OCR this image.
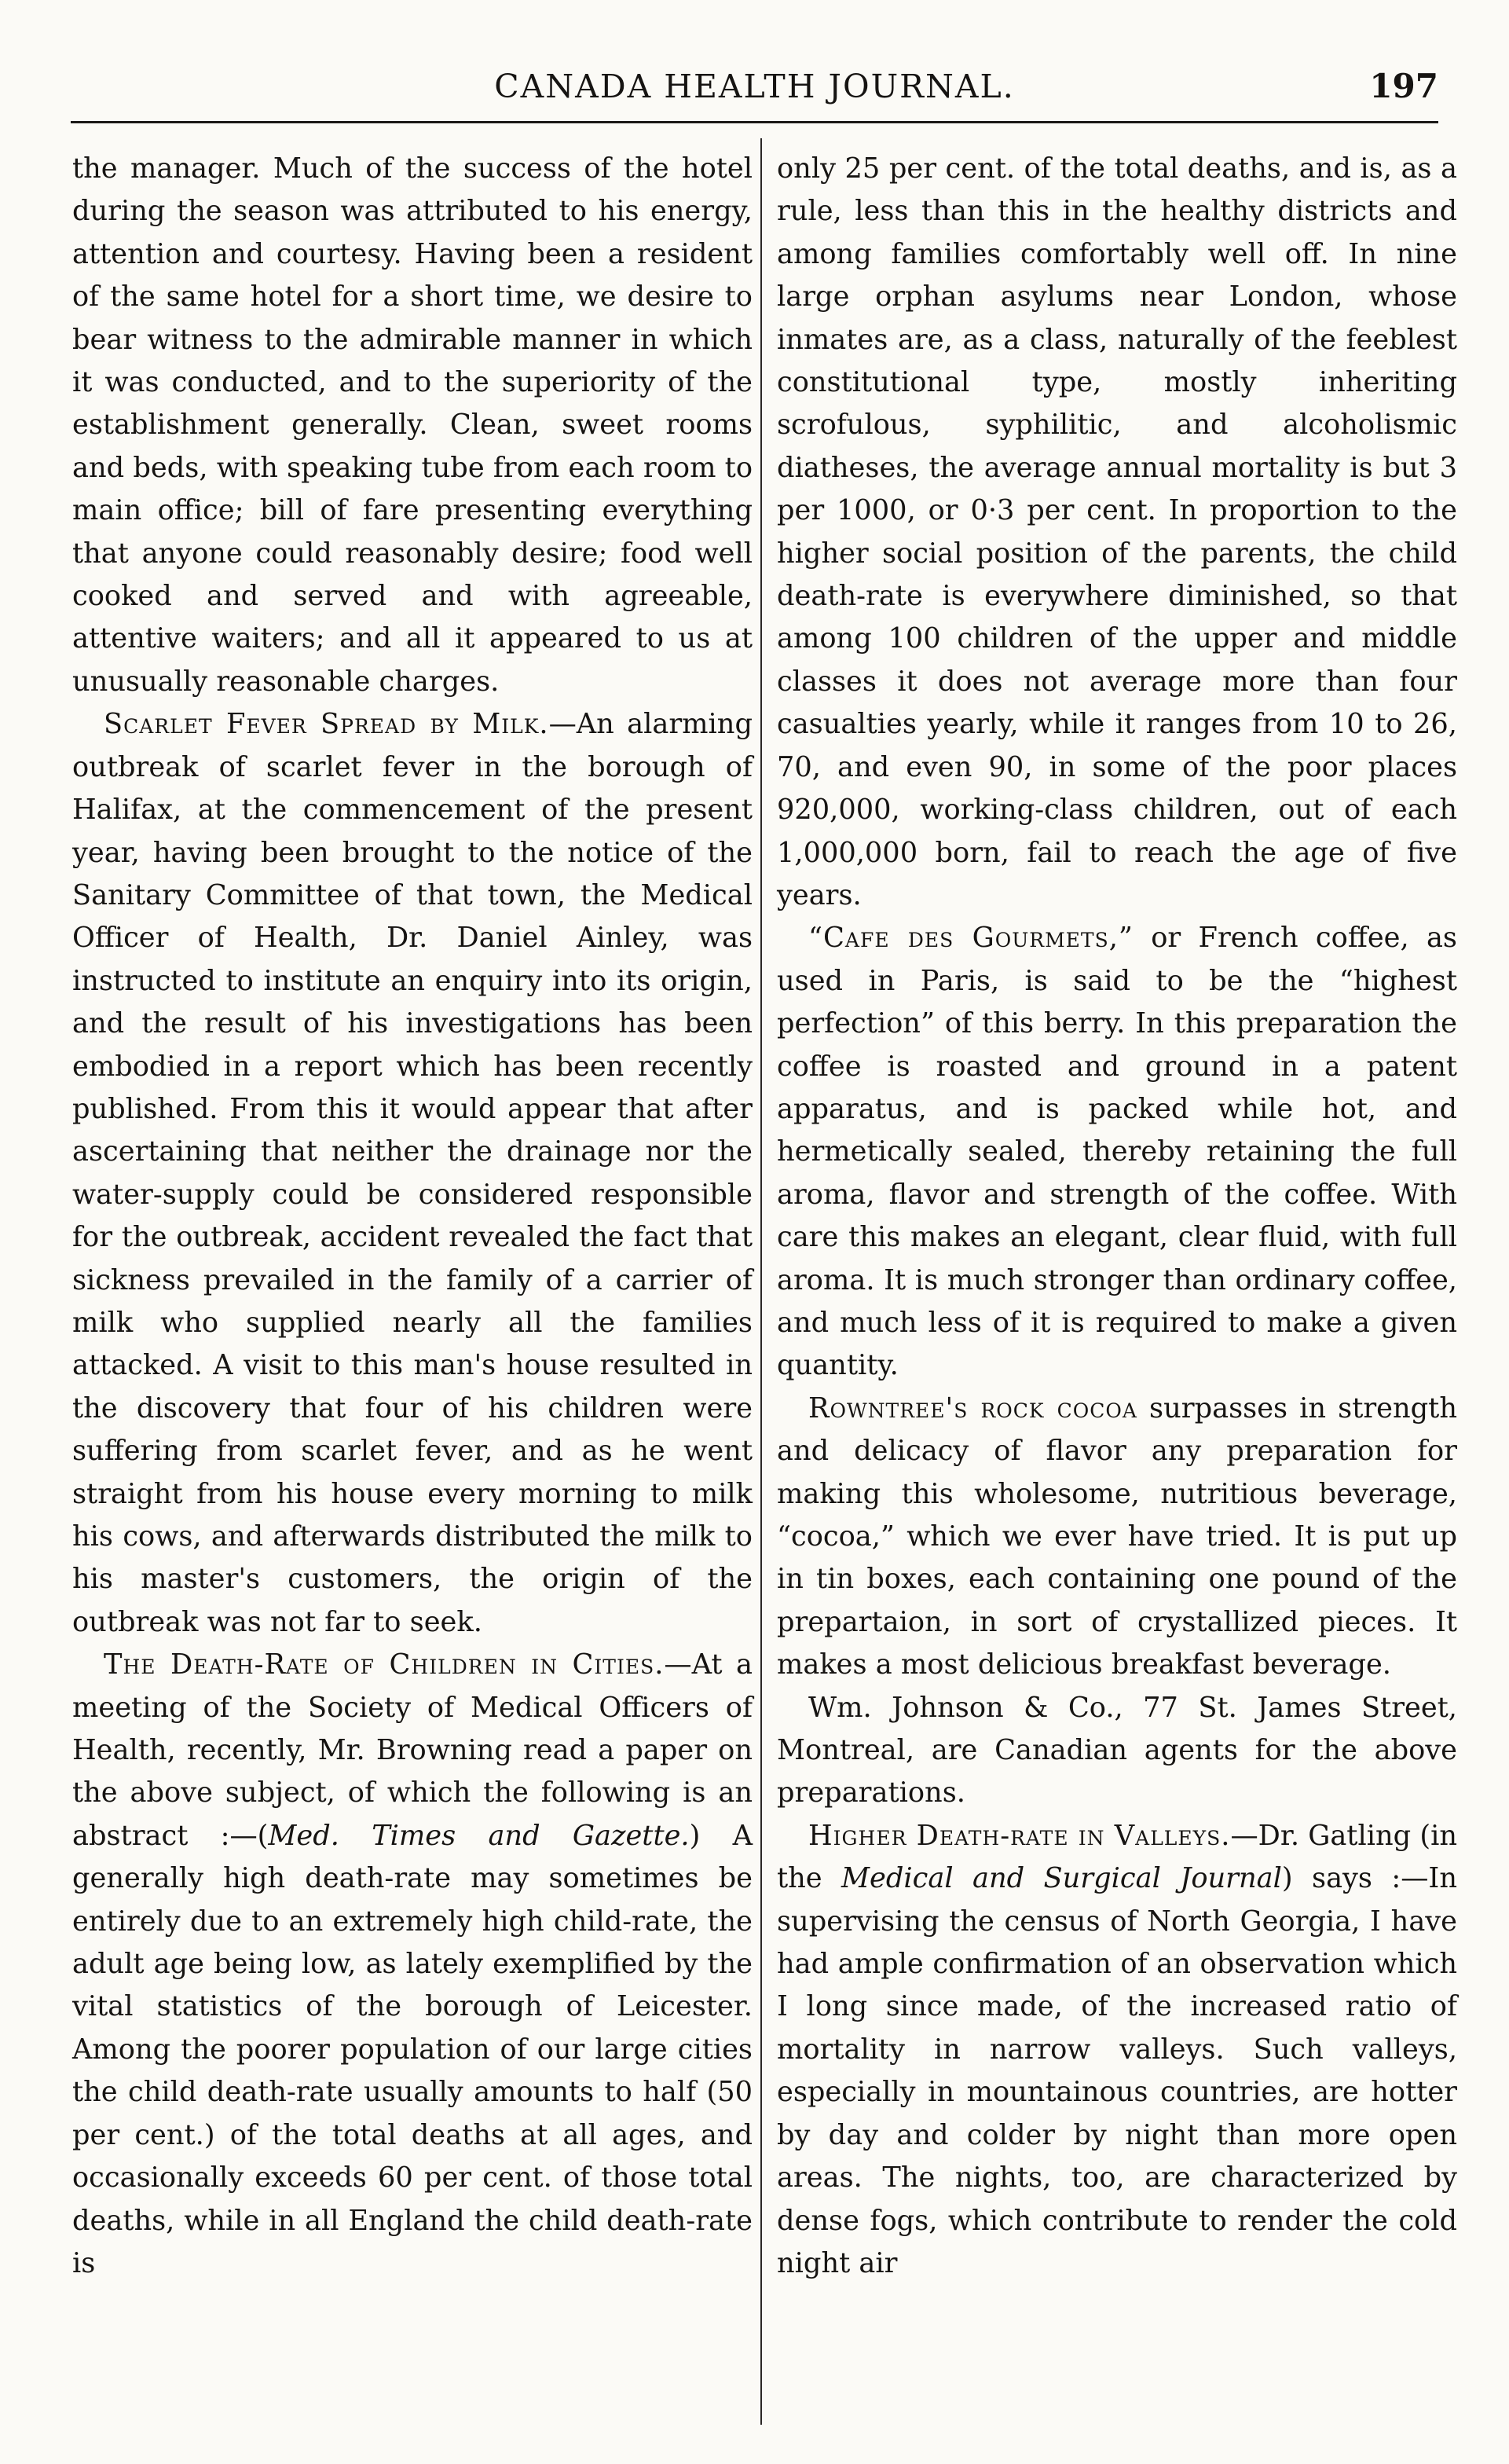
CANADA HEALTH JOURNAL.	197

the manager. Much of the success of the hotel during the season was attributed to his energy, attention and courtesy. Having been a resident of the same hotel for a short time, we desire to bear witness to the admirable manner in which it was conducted, and to the superiority of the establishment generally. Clean, sweet rooms and beds, with speaking tube from each room to main office; bill of fare presenting everything that anyone could reasonably desire; food well cooked and served and with agreeable, attentive waiters; and all it appeared to us at unusually reasonable charges.

Scarlet Fever Spread by Milk.—An alarming outbreak of scarlet fever in the borough of Halifax, at the commencement of the present year, having been brought to the notice of the Sanitary Committee of that town, the Medical Officer of Health, Dr. Daniel Ainley, was instructed to institute an enquiry into its origin, and the result of his investigations has been embodied in a report which has been recently published. From this it would appear that after ascertaining that neither the drainage nor the water-supply could be considered responsible for the outbreak, accident revealed the fact that sickness prevailed in the family of a carrier of milk who supplied nearly all the families attacked. A visit to this man's house resulted in the discovery that four of his children were suffering from scarlet fever, and as he went straight from his house every morning to milk his cows, and afterwards distributed the milk to his master's customers, the origin of the outbreak was not far to seek.

The Death-Rate of Children in Cities.—At a meeting of the Society of Medical Officers of Health, recently, Mr. Browning read a paper on the above subject, of which the following is an abstract :—(Med. Times and Gazette.) A generally high death-rate may sometimes be entirely due to an extremely high child-rate, the adult age being low, as lately exemplified by the vital statistics of the borough of Leicester. Among the poorer population of our large cities the child death-rate usually amounts to half (50 per cent.) of the total deaths at all ages, and occasionally exceeds 60 per cent. of those total deaths, while in all England the child death-rate is

only 25 per cent. of the total deaths, and is, as a rule, less than this in the healthy districts and among families comfortably well off. In nine large orphan asylums near London, whose inmates are, as a class, naturally of the feeblest constitutional type, mostly inheriting scrofulous, syphilitic, and alcoholismic diatheses, the average annual mortality is but 3 per 1000, or 0·3 per cent. In proportion to the higher social position of the parents, the child death-rate is everywhere diminished, so that among 100 children of the upper and middle classes it does not average more than four casualties yearly, while it ranges from 10 to 26, 70, and even 90, in some of the poor places 920,000, working-class children, out of each 1,000,000 born, fail to reach the age of five years.

“Cafe des Gourmets,” or French coffee, as used in Paris, is said to be the “highest perfection” of this berry. In this preparation the coffee is roasted and ground in a patent apparatus, and is packed while hot, and hermetically sealed, thereby retaining the full aroma, flavor and strength of the coffee. With care this makes an elegant, clear fluid, with full aroma. It is much stronger than ordinary coffee, and much less of it is required to make a given quantity.

Rowntree's rock cocoa surpasses in strength and delicacy of flavor any preparation for making this wholesome, nutritious beverage, “cocoa,” which we ever have tried. It is put up in tin boxes, each containing one pound of the prepartaion, in sort of crystallized pieces. It makes a most delicious breakfast beverage.

Wm. Johnson & Co., 77 St. James Street, Montreal, are Canadian agents for the above preparations.

Higher Death-rate in Valleys.—Dr. Gatling (in the Medical and Surgical Journal) says :—In supervising the census of North Georgia, I have had ample confirmation of an observation which I long since made, of the increased ratio of mortality in narrow valleys. Such valleys, especially in mountainous countries, are hotter by day and colder by night than more open areas. The nights, too, are characterized by dense fogs, which contribute to render the cold night air
